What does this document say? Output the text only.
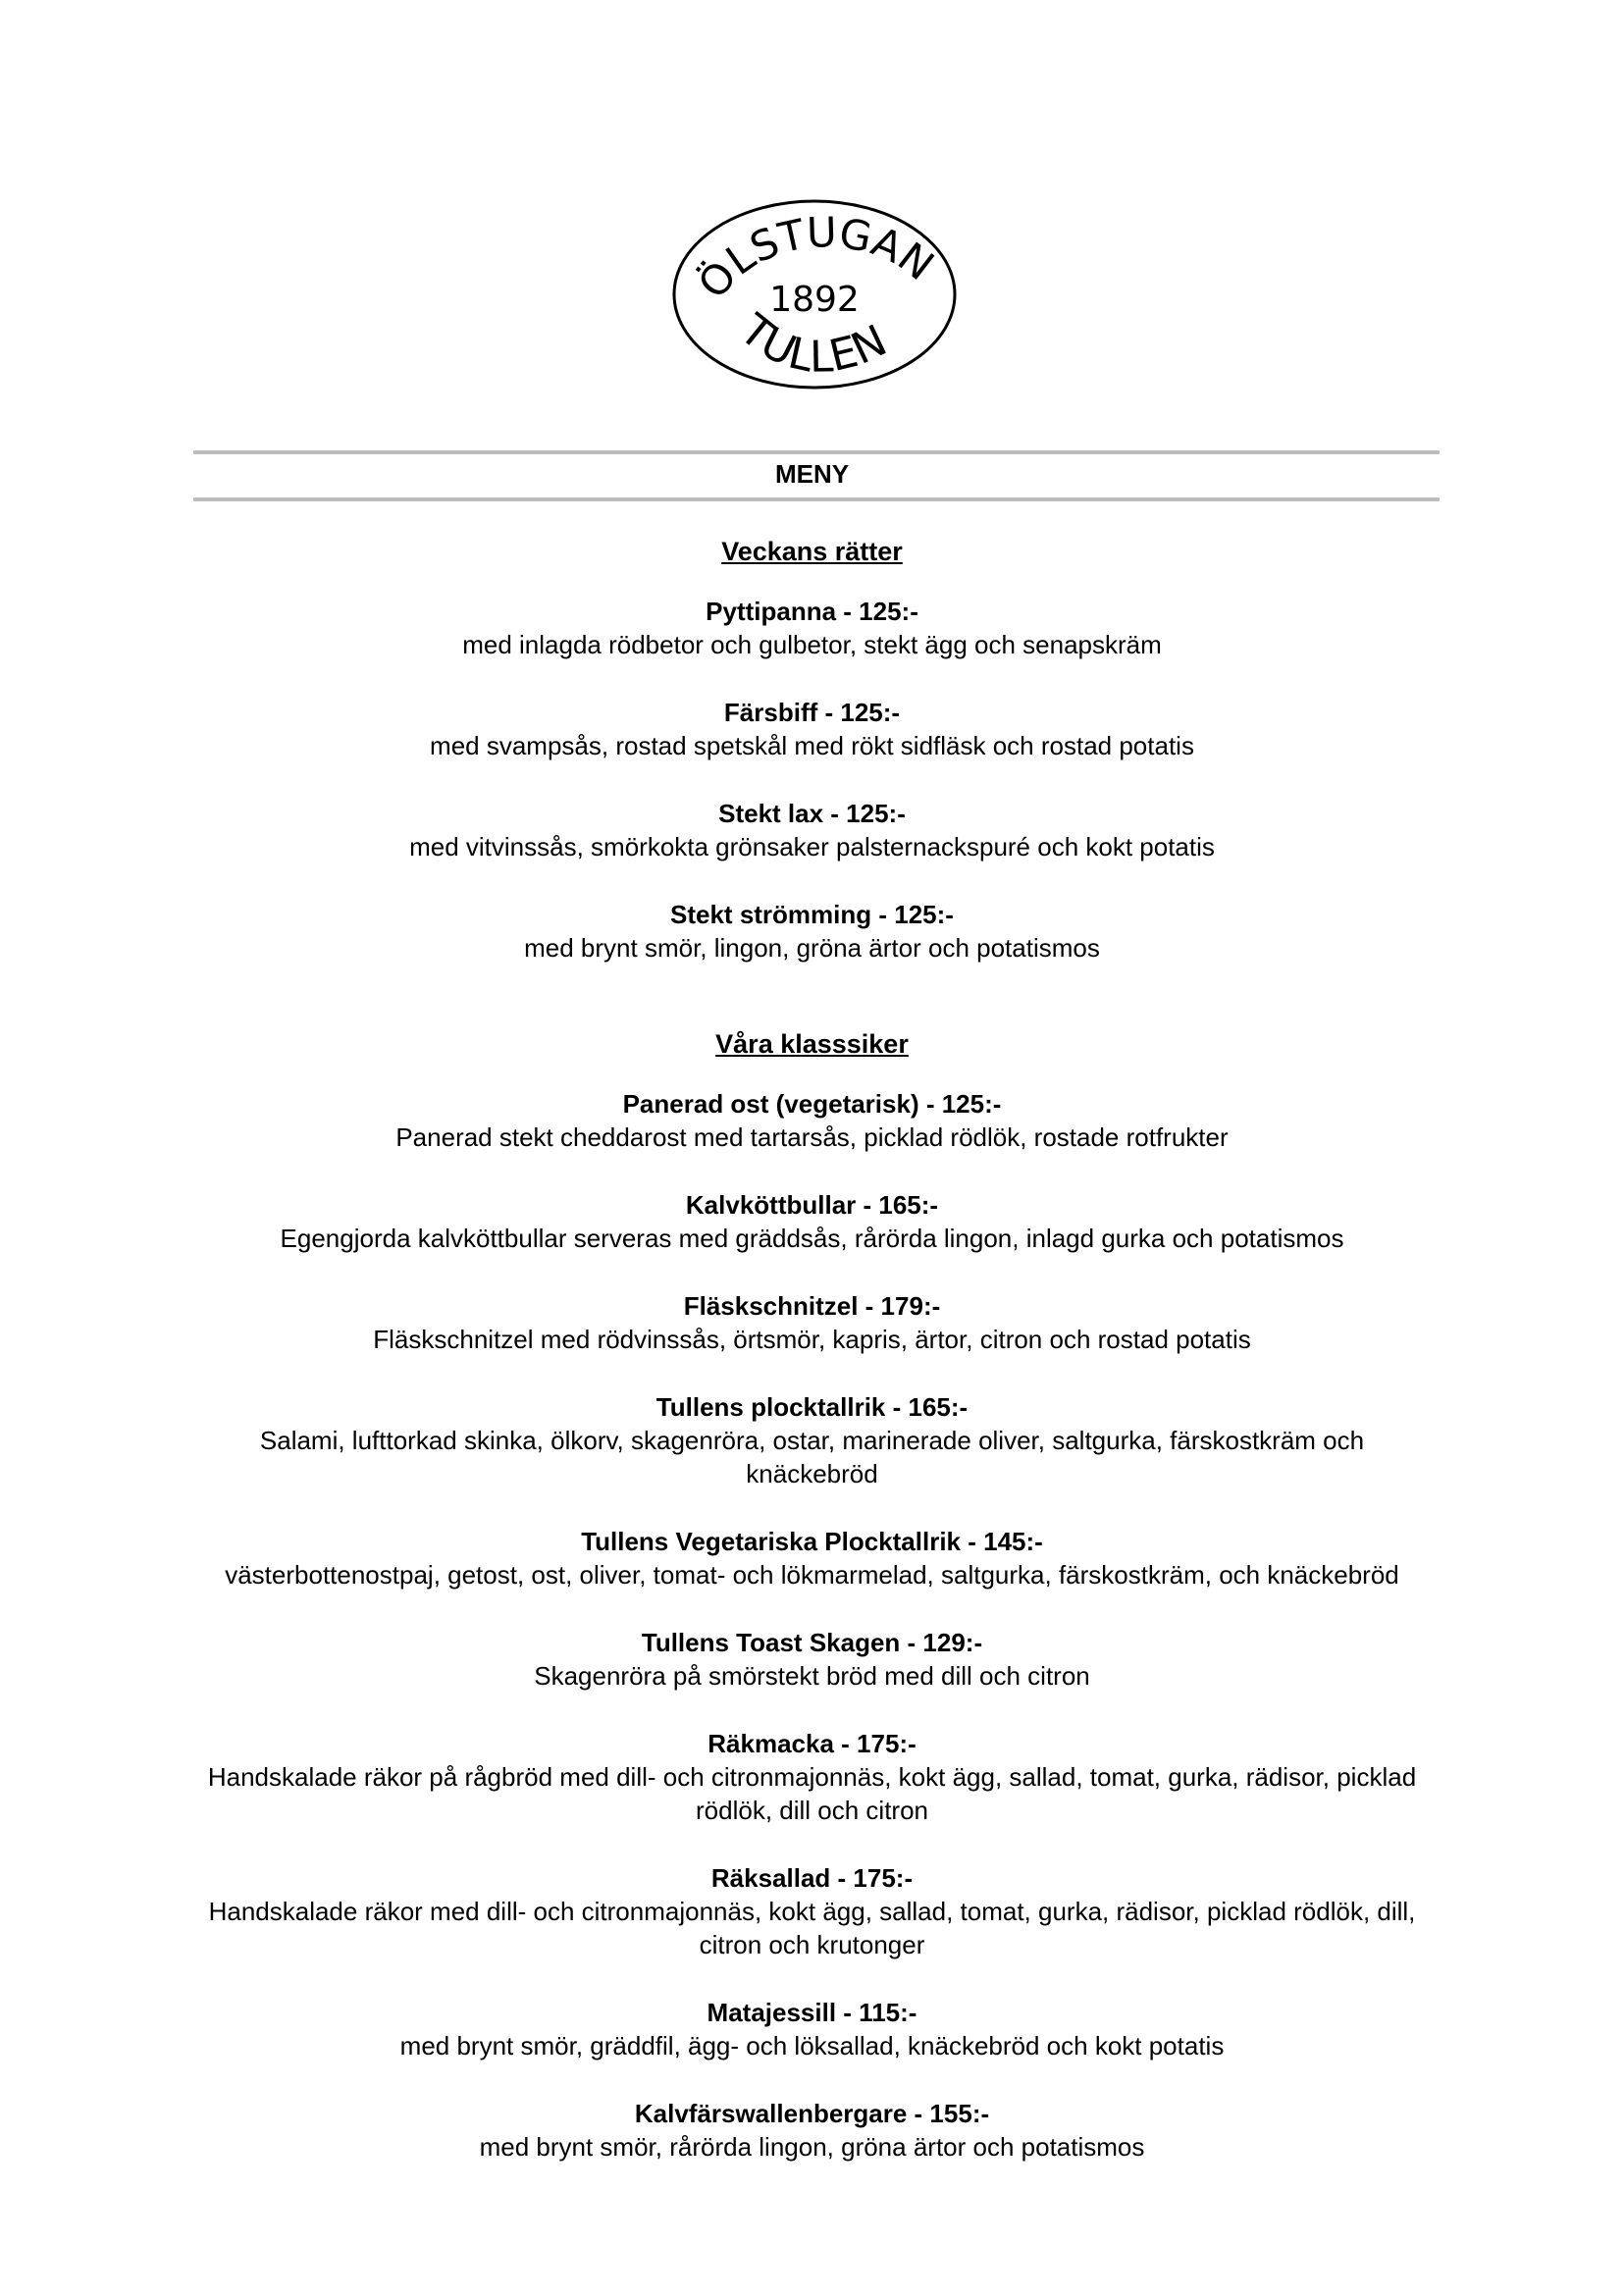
ÖLSTUGAN
1892
TULLEN
MENY
Veckans rätter
Pyttipanna - 125:-
med inlagda rödbetor och gulbetor, stekt ägg och senapskräm
Färsbiff - 125:-
med svampsås, rostad spetskål med rökt sidfläsk och rostad potatis
Stekt lax - 125:-
med vitvinssås, smörkokta grönsaker palsternackspuré och kokt potatis
Stekt strömming - 125:-
med brynt smör, lingon, gröna ärtor och potatismos
Våra klasssiker
Panerad ost (vegetarisk) - 125:-
Panerad stekt cheddarost med tartarsås, picklad rödlök, rostade rotfrukter
Kalvköttbullar - 165:-
Egengjorda kalvköttbullar serveras med gräddsås, rårörda lingon, inlagd gurka och potatismos
Fläskschnitzel - 179:-
Fläskschnitzel med rödvinssås, örtsmör, kapris, ärtor, citron och rostad potatis
Tullens plocktallrik - 165:-
Salami, lufttorkad skinka, ölkorv, skagenröra, ostar, marinerade oliver, saltgurka, färskostkräm och knäckebröd
Tullens Vegetariska Plocktallrik - 145:-
västerbottenostpaj, getost, ost, oliver, tomat- och lökmarmelad, saltgurka, färskostkräm, och knäckebröd
Tullens Toast Skagen - 129:-
Skagenröra på smörstekt bröd med dill och citron
Räkmacka - 175:-
Handskalade räkor på rågbröd med dill- och citronmajonnäs, kokt ägg, sallad, tomat, gurka, rädisor, picklad rödlök, dill och citron
Räksallad - 175:-
Handskalade räkor med dill- och citronmajonnäs, kokt ägg, sallad, tomat, gurka, rädisor, picklad rödlök, dill, citron och krutonger
Matajessill - 115:-
med brynt smör, gräddfil, ägg- och löksallad, knäckebröd och kokt potatis
Kalvfärswallenbergare - 155:-
med brynt smör, rårörda lingon, gröna ärtor och potatismos
